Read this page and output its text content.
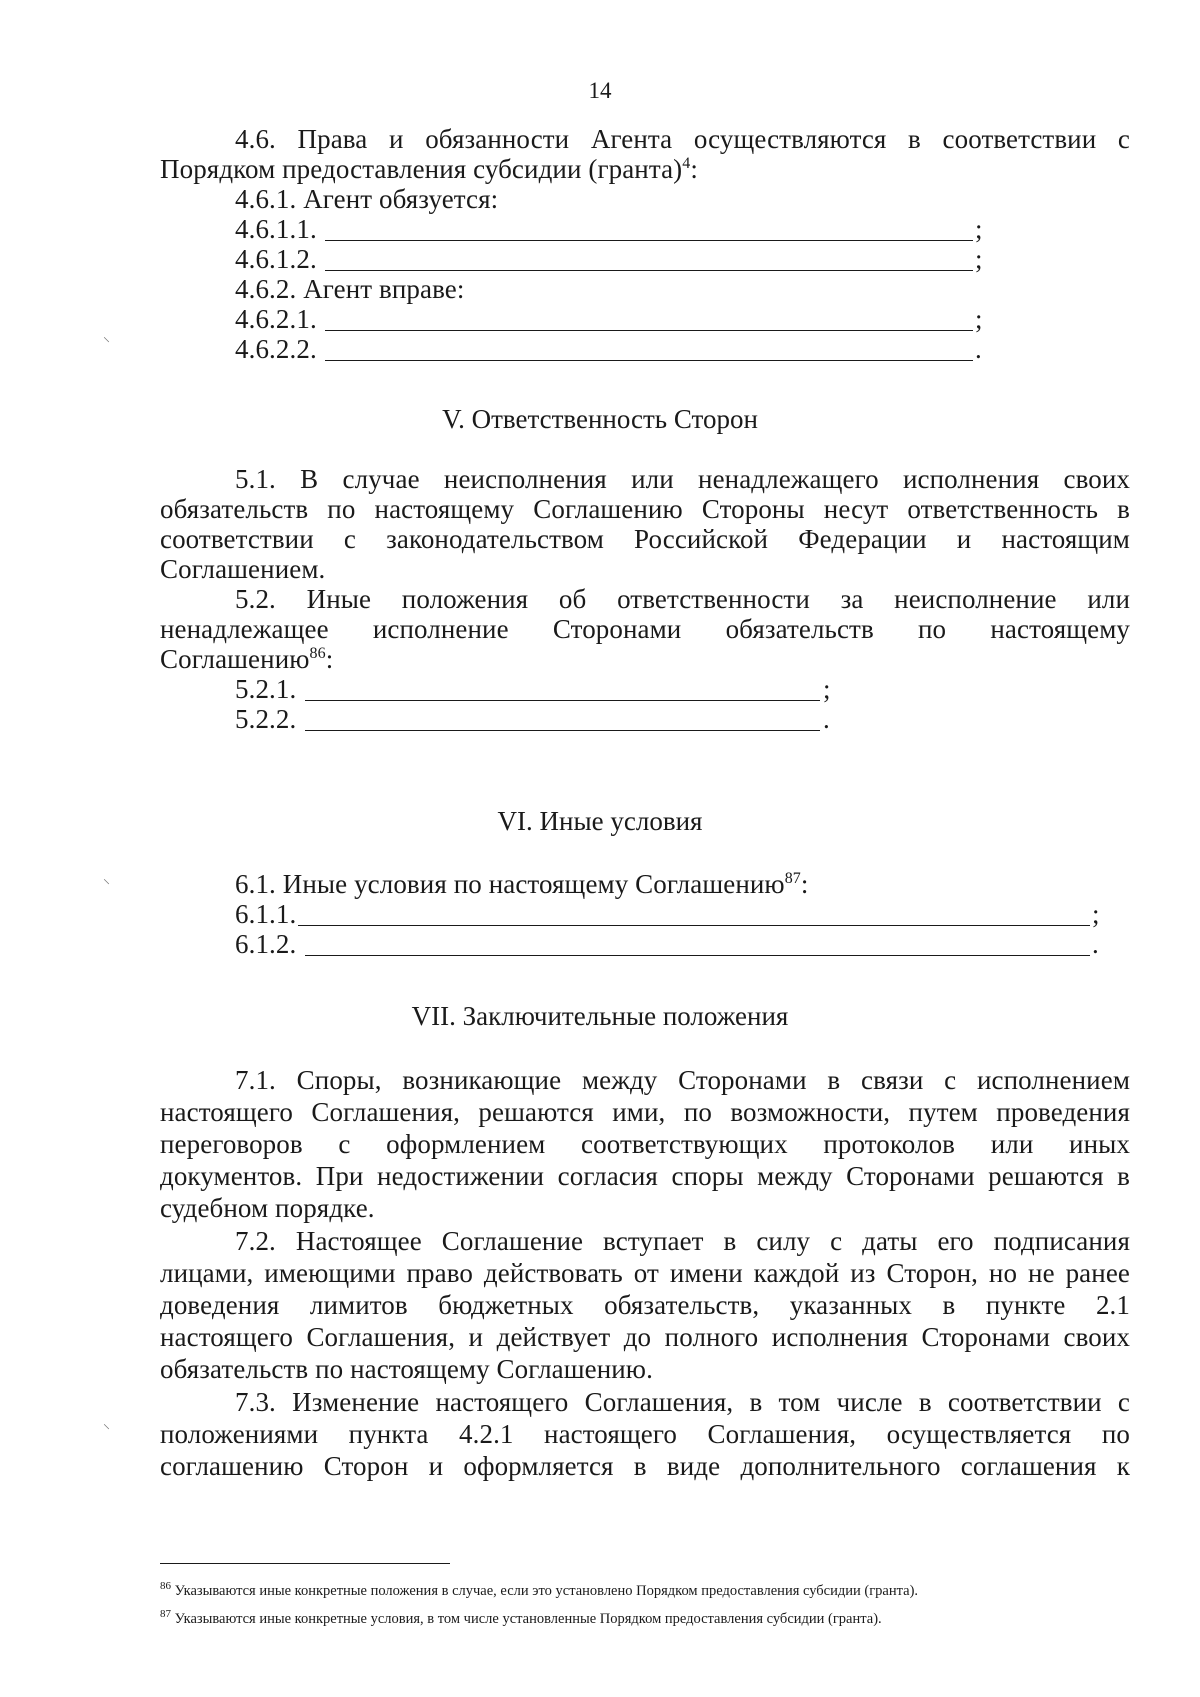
14
4.6. Права и обязанности Агента осуществляются в соответствии с
Порядком предоставления субсидии (гранта)$^4$:
4.6.1. Агент обязуется:
4.6.1.1.	;
4.6.1.2.	;
4.6.2. Агент вправе:
4.6.2.1.	;
4.6.2.2.	.
V. Ответственность Сторон
5.1. В случае неисполнения или ненадлежащего исполнения своих
обязательств по настоящему Соглашению Стороны несут ответственность в
соответствии с законодательством Российской Федерации и настоящим
Соглашением.
5.2. Иные положения об ответственности за неисполнение или
ненадлежащее исполнение Сторонами обязательств по настоящему
Соглашению$^{86}$:
5.2.1.	;
5.2.2.	.
VI. Иные условия
6.1. Иные условия по настоящему Соглашению$^{87}$:
6.1.1.	;
6.1.2.	.
VII. Заключительные положения
7.1. Споры, возникающие между Сторонами в связи с исполнением
настоящего Соглашения, решаются ими, по возможности, путем проведения
переговоров с оформлением соответствующих протоколов или иных
документов. При недостижении согласия споры между Сторонами решаются в
судебном порядке.
7.2. Настоящее Соглашение вступает в силу с даты его подписания
лицами, имеющими право действовать от имени каждой из Сторон, но не ранее
доведения лимитов бюджетных обязательств, указанных в пункте 2.1
настоящего Соглашения, и действует до полного исполнения Сторонами своих
обязательств по настоящему Соглашению.
7.3. Изменение настоящего Соглашения, в том числе в соответствии с
положениями пункта 4.2.1 настоящего Соглашения, осуществляется по
соглашению Сторон и оформляется в виде дополнительного соглашения к
$^{86}$ Указываются иные конкретные положения в случае, если это установлено Порядком предоставления субсидии (гранта).
$^{87}$ Указываются иные конкретные условия, в том числе установленные Порядком предоставления субсидии (гранта).
⸌
⸌
⸌
